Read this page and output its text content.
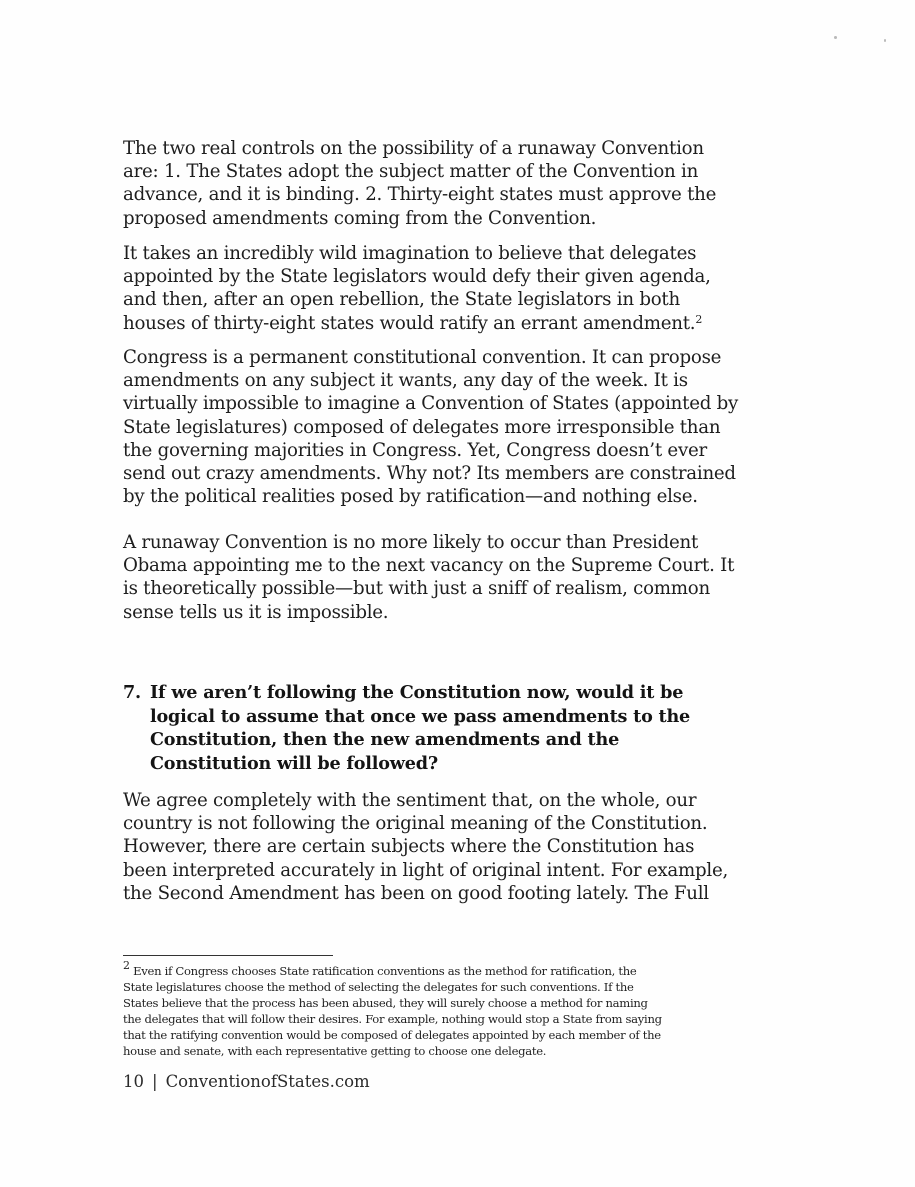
The two real controls on the possibility of a runaway Convention
are: 1. The States adopt the subject matter of the Convention in
advance, and it is binding. 2. Thirty-eight states must approve the
proposed amendments coming from the Convention.
It takes an incredibly wild imagination to believe that delegates
appointed by the State legislators would defy their given agenda,
and then, after an open rebellion, the State legislators in both
houses of thirty-eight states would ratify an errant amendment.$^2$
Congress is a permanent constitutional convention. It can propose
amendments on any subject it wants, any day of the week. It is
virtually impossible to imagine a Convention of States (appointed by
State legislatures) composed of delegates more irresponsible than
the governing majorities in Congress. Yet, Congress doesn’t ever
send out crazy amendments. Why not? Its members are constrained
by the political realities posed by ratification—and nothing else.
A runaway Convention is no more likely to occur than President
Obama appointing me to the next vacancy on the Supreme Court. It
is theoretically possible—but with just a sniff of realism, common
sense tells us it is impossible.
7. If we aren’t following the Constitution now, would it be
logical to assume that once we pass amendments to the
Constitution, then the new amendments and the
Constitution will be followed?
We agree completely with the sentiment that, on the whole, our
country is not following the original meaning of the Constitution.
However, there are certain subjects where the Constitution has
been interpreted accurately in light of original intent. For example,
the Second Amendment has been on good footing lately. The Full
$^2$ Even if Congress chooses State ratification conventions as the method for ratification, the
State legislatures choose the method of selecting the delegates for such conventions. If the
States believe that the process has been abused, they will surely choose a method for naming
the delegates that will follow their desires. For example, nothing would stop a State from saying
that the ratifying convention would be composed of delegates appointed by each member of the
house and senate, with each representative getting to choose one delegate.
10 | ConventionofStates.com
